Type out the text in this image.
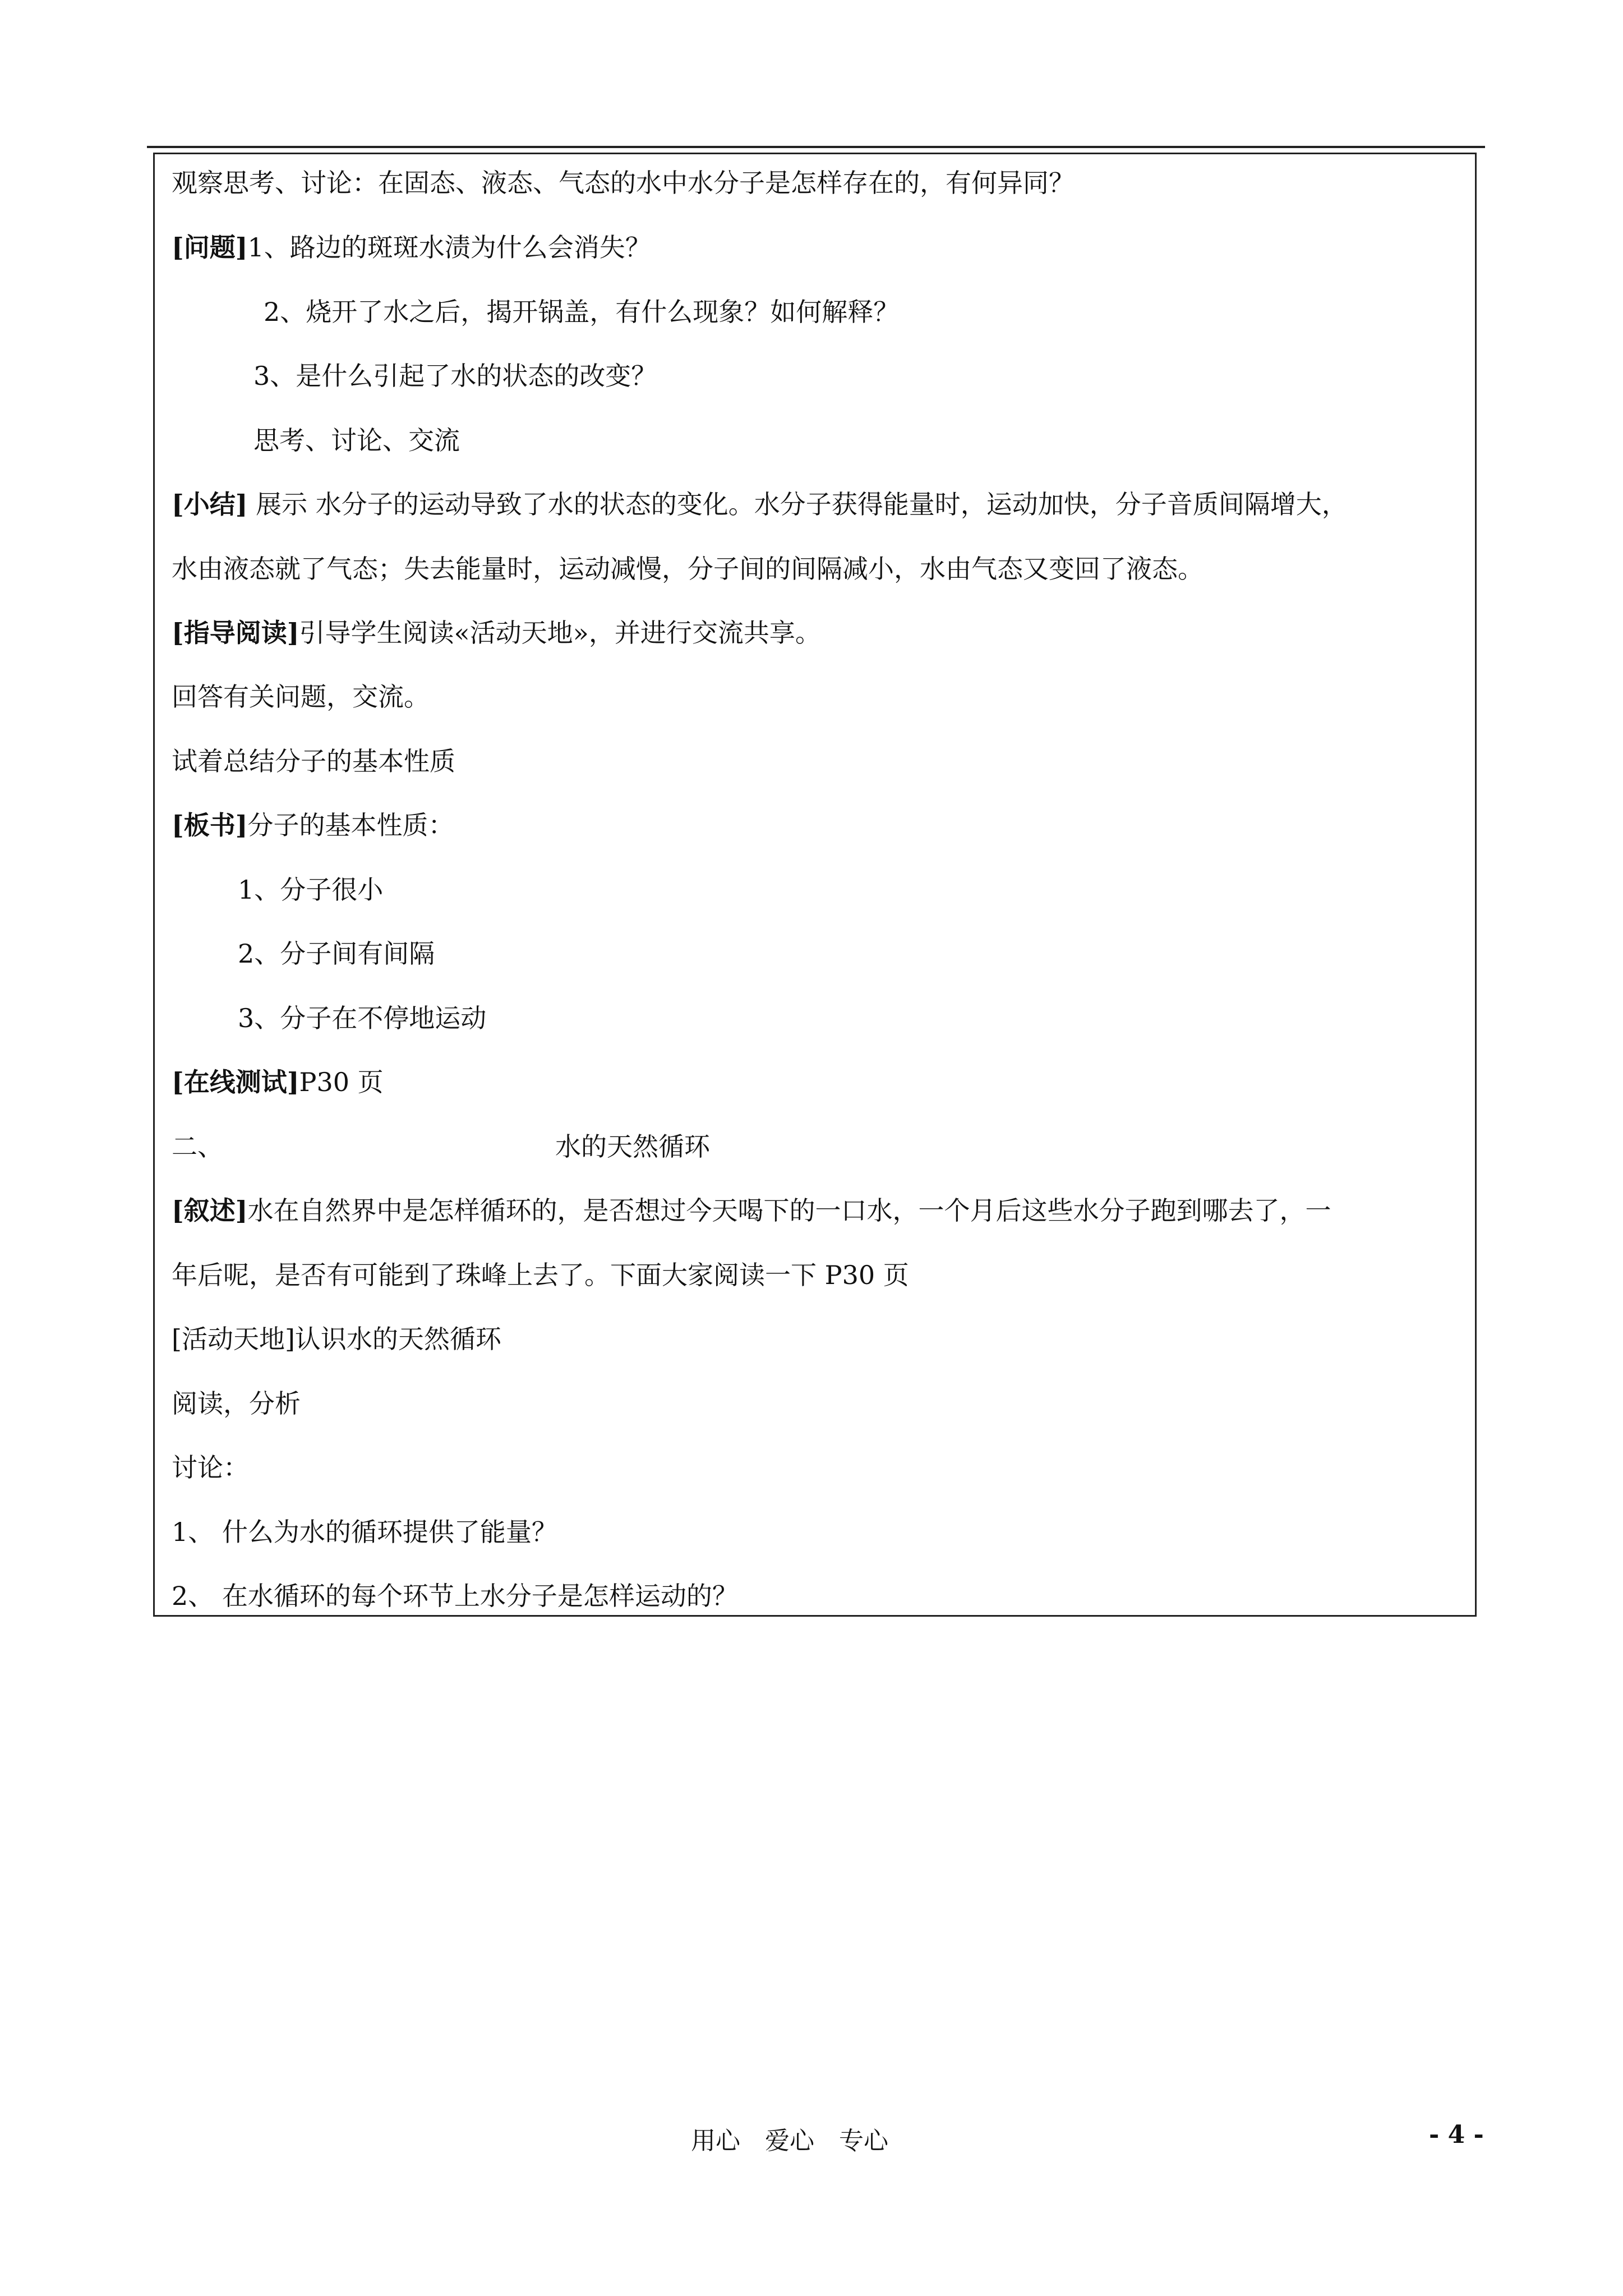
观察思考、讨论：在固态、液态、气态的水中水分子是怎样存在的，有何异同？
[问题]1、路边的斑斑水渍为什么会消失？
2、烧开了水之后，揭开锅盖，有什么现象？如何解释？
3、是什么引起了水的状态的改变？
思考、讨论、交流
[小结] 展示 水分子的运动导致了水的状态的变化。水分子获得能量时，运动加快，分子音质间隔增大，
水由液态就了气态；失去能量时，运动减慢，分子间的间隔减小，水由气态又变回了液态。
[指导阅读]引导学生阅读«活动天地»，并进行交流共享。
回答有关问题，交流。
试着总结分子的基本性质
[板书]分子的基本性质：
1、分子很小
2、分子间有间隔
3、分子在不停地运动
[在线测试]P30 页
二、	水的天然循环
[叙述]水在自然界中是怎样循环的，是否想过今天喝下的一口水，一个月后这些水分子跑到哪去了，一
年后呢，是否有可能到了珠峰上去了。下面大家阅读一下 P30 页
[活动天地]认识水的天然循环
阅读，分析
讨论：
1、 什么为水的循环提供了能量？
2、 在水循环的每个环节上水分子是怎样运动的？
用心　爱心　专心	- 4 -
